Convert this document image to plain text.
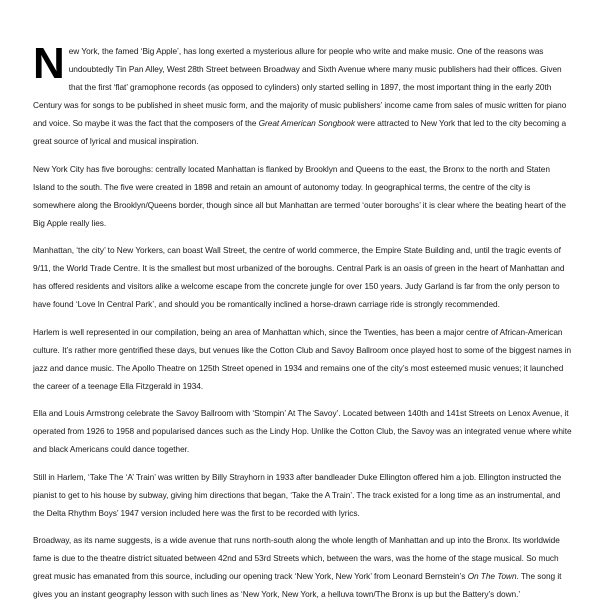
New York, the famed ‘Big Apple’, has long exerted a mysterious allure for people who write and make music. One of the reasons was undoubtedly Tin Pan Alley, West 28th Street between Broadway and Sixth Avenue where many music publishers had their offices. Given that the first ‘flat’ gramophone records (as opposed to cylinders) only started selling in 1897, the most important thing in the early 20th Century was for songs to be published in sheet music form, and the majority of music publishers’ income came from sales of music written for piano and voice. So maybe it was the fact that the composers of the Great American Songbook were attracted to New York that led to the city becoming a great source of lyrical and musical inspiration.

New York City has five boroughs: centrally located Manhattan is flanked by Brooklyn and Queens to the east, the Bronx to the north and Staten Island to the south. The five were created in 1898 and retain an amount of autonomy today. In geographical terms, the centre of the city is somewhere along the Brooklyn/Queens border, though since all but Manhattan are termed ‘outer boroughs’ it is clear where the beating heart of the Big Apple really lies.

Manhattan, ‘the city’ to New Yorkers, can boast Wall Street, the centre of world commerce, the Empire State Building and, until the tragic events of 9/11, the World Trade Centre. It is the smallest but most urbanized of the boroughs. Central Park is an oasis of green in the heart of Manhattan and has offered residents and visitors alike a welcome escape from the concrete jungle for over 150 years. Judy Garland is far from the only person to have found ‘Love In Central Park’, and should you be romantically inclined a horse-drawn carriage ride is strongly recommended.

Harlem is well represented in our compilation, being an area of Manhattan which, since the Twenties, has been a major centre of African-American culture. It’s rather more gentrified these days, but venues like the Cotton Club and Savoy Ballroom once played host to some of the biggest names in jazz and dance music. The Apollo Theatre on 125th Street opened in 1934 and remains one of the city’s most esteemed music venues; it launched the career of a teenage Ella Fitzgerald in 1934.

Ella and Louis Armstrong celebrate the Savoy Ballroom with ‘Stompin’ At The Savoy’. Located between 140th and 141st Streets on Lenox Avenue, it operated from 1926 to 1958 and popularised dances such as the Lindy Hop. Unlike the Cotton Club, the Savoy was an integrated venue where white and black Americans could dance together.

Still in Harlem, ‘Take The ‘A’ Train’ was written by Billy Strayhorn in 1933 after bandleader Duke Ellington offered him a job. Ellington instructed the pianist to get to his house by subway, giving him directions that began, ‘Take the A Train’. The track existed for a long time as an instrumental, and the Delta Rhythm Boys’ 1947 version included here was the first to be recorded with lyrics.

Broadway, as its name suggests, is a wide avenue that runs north-south along the whole length of Manhattan and up into the Bronx. Its worldwide fame is due to the theatre district situated between 42nd and 53rd Streets which, between the wars, was the home of the stage musical. So much great music has emanated from this source, including our opening track ‘New York, New York’ from Leonard Bernstein’s On The Town. The song it gives you an instant geography lesson with such lines as ‘New York, New York, a helluva town/The Bronx is up but the Battery’s down.’
